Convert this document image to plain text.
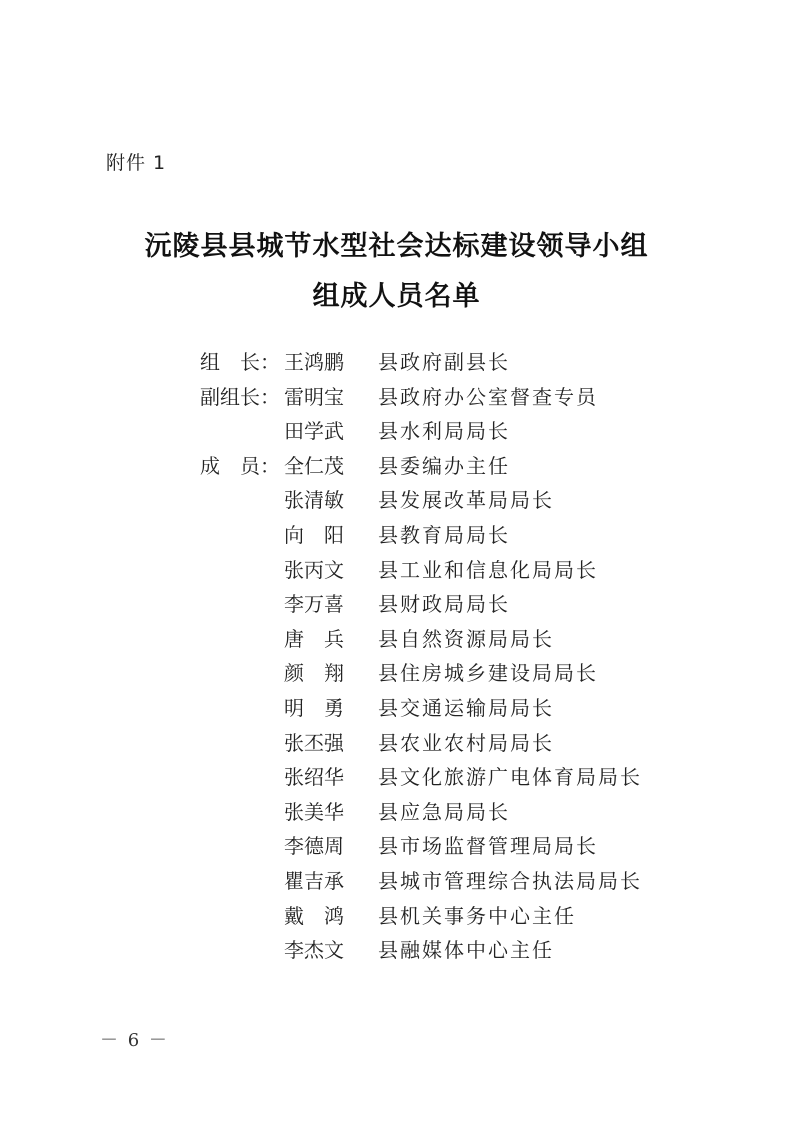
附件 1
沅陵县县城节水型社会达标建设领导小组
组成人员名单
组　长： 王鸿鹏	县政府副县长
副组长： 雷明宝	县政府办公室督查专员
田学武	县水利局局长
成　员： 全仁茂	县委编办主任
张清敏	县发展改革局局长
向　阳	县教育局局长
张丙文	县工业和信息化局局长
李万喜	县财政局局长
唐　兵	县自然资源局局长
颜　翔	县住房城乡建设局局长
明　勇	县交通运输局局长
张丕强	县农业农村局局长
张绍华	县文化旅游广电体育局局长
张美华	县应急局局长
李德周	县市场监督管理局局长
瞿吉承	县城市管理综合执法局局长
戴　鸿	县机关事务中心主任
李杰文	县融媒体中心主任
－ 6 －
